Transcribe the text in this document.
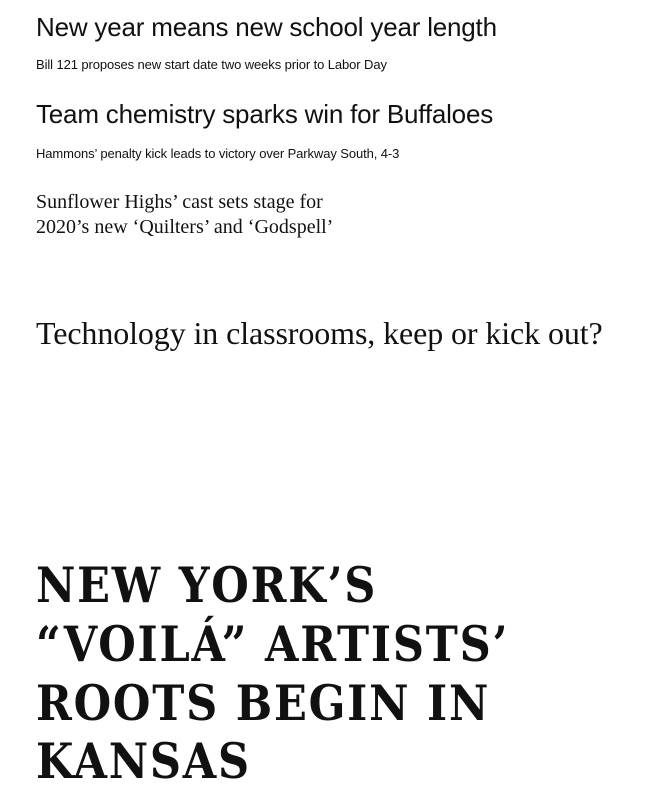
New year means new school year length

Bill 121 proposes new start date two weeks prior to Labor Day

Team chemistry sparks win for Buffaloes

Hammons’ penalty kick leads to victory over Parkway South, 4-3

Sunflower Highs’ cast sets stage for
2020’s new ‘Quilters’ and ‘Godspell’
Technology in classrooms, keep or kick out?
NEW YORK’S
“VOILÁ” ARTISTS’
ROOTS BEGIN IN
KANSAS
